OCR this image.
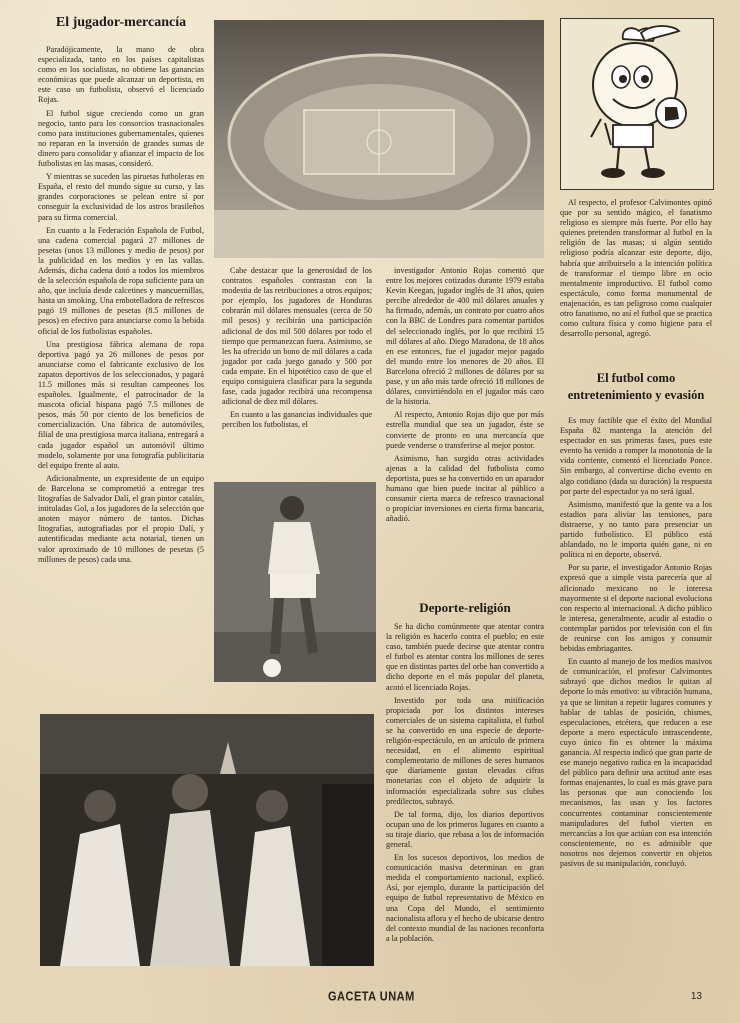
El jugador-mercancía

Paradójicamente, la mano de obra especializada, tanto en los países capitalistas como en los socialistas, no obtiene las ganancias económicas que puede alcanzar un deportista, en este caso un futbolista, observó el licenciado Rojas.

El futbol sigue creciendo como un gran negocio, tanto para los consorcios trasnacionales como para instituciones gubernamentales, quienes no reparan en la inversión de grandes sumas de dinero para consolidar y afianzar el impacto de los futbolistas en las masas, consideró.

Y mientras se suceden las piruetas futboleras en España, el resto del mundo sigue su curso, y las grandes corporaciones se pelean entre sí por conseguir la exclusividad de los astros brasileños para su firma comercial.

En cuanto a la Federación Española de Futbol, una cadena comercial pagará 27 millones de pesetas (unos 13 millones y medio de pesos) por la publicidad en los medios y en las vallas. Además, dicha cadena dotó a todos los miembros de la selección española de ropa suficiente para un año, que incluía desde calcetines y mancuernillas, hasta un smoking. Una embotelladora de refrescos pagó 19 millones de pesetas (8.5 millones de pesos) en efectivo para anunciarse como la bebida oficial de los futbolistas españoles.

Una prestigiosa fábrica alemana de ropa deportiva pagó ya 26 millones de pesos por anunciarse como el fabricante exclusivo de los zapatos deportivos de los seleccionados, y pagará 11.5 millones más si resultan campeones los españoles. Igualmente, el patrocinador de la mascota oficial hispana pagó 7.5 millones de pesos, más 50 por ciento de los beneficios de comercialización. Una fábrica de automóviles, filial de una prestigiosa marca italiana, entregará a cada jugador español un automóvil último modelo, solamente por una fotografía publicitaria del equipo frente al auto.

Adicionalmente, un expresidente de un equipo de Barcelona se comprometió a entregar tres litografías de Salvador Dalí, el gran pintor catalán, intituladas Gol, a los jugadores de la selección que anoten mayor número de tantos. Dichas litografías, autografiadas por el propio Dalí, y autentificadas mediante acta notarial, tienen un valor aproximado de 10 millones de pesetas (5 millones de pesos) cada una.

Cabe destacar que la generosidad de los contratos españoles contrastan con la modestia de las retribuciones a otros equipos; por ejemplo, los jugadores de Honduras cobrarán mil dólares mensuales (cerca de 50 mil pesos) y recibirán una participación adicional de dos mil 500 dólares por todo el tiempo que permanezcan fuera. Asimismo, se les ha ofrecido un bono de mil dólares a cada jugador por cada juego ganado y 500 por cada empate. En el hipotético caso de que el equipo consiguiera clasificar para la segunda fase, cada jugador recibirá una recompensa adicional de diez mil dólares.

En cuanto a las ganancias individuales que perciben los futbolistas, el

investigador Antonio Rojas comentó que entre los mejores cotizados durante 1979 estaba Kevin Keegan, jugador inglés de 31 años, quien percibe alrededor de 400 mil dólares anuales y ha firmado, además, un contrato por cuatro años con la BBC de Londres para comentar partidos del seleccionado inglés, por lo que recibirá 15 mil dólares al año. Diego Maradona, de 18 años en ese entonces, fue el jugador mejor pagado del mundo entre los menores de 20 años. El Barcelona ofreció 2 millones de dólares por su pase, y un año más tarde ofreció 18 millones de dólares, convirtiéndolo en el jugador más caro de la historia.

Al respecto, Antonio Rojas dijo que por más estrella mundial que sea un jugador, éste se convierte de pronto en una mercancía que puede venderse o transferirse al mejor postor.

Asimismo, han surgido otras actividades ajenas a la calidad del futbolista como deportista, pues se ha convertido en un aparador humano que bien puede incitar al público a consumir cierta marca de refresco trasnacional o propiciar inversiones en cierta firma bancaria, añadió.

Deporte-religión

Se ha dicho comúnmente que atentar contra la religión es hacerlo contra el pueblo; en este caso, también puede decirse que atentar contra el futbol es atentar contra los millones de seres que en distintas partes del orbe han convertido a dicho deporte en el más popular del planeta, acotó el licenciado Rojas.

Investido por toda una mitificación propiciada por los distintos intereses comerciales de un sistema capitalista, el futbol se ha convertido en una especie de deporte-religión-espectáculo, en un artículo de primera necesidad, en el alimento espiritual complementario de millones de seres humanos que diariamente gastan elevadas cifras monetarias con el objeto de adquirir la información especializada sobre sus clubes predilectos, subrayó.

De tal forma, dijo, los diarios deportivos ocupan uno de los primeros lugares en cuanto a su tiraje diario, que rebasa a los de información general.

En los sucesos deportivos, los medios de comunicación masiva determinan en gran medida el comportamiento nacional, explicó. Así, por ejemplo, durante la participación del equipo de futbol representativo de México en una Copa del Mundo, el sentimiento nacionalista aflora y el hecho de ubicarse dentro del contexto mundial de las naciones reconforta a la población.

Al respecto, el profesor Calvimontes opinó que por su sentido mágico, el fanatismo religioso es siempre más fuerte. Por ello hay quienes pretenden transformar al futbol en la religión de las masas; si algún sentido religioso podría alcanzar este deporte, dijo, habría que atribuirselo a la intención política de transformar el tiempo libre en ocio mentalmente improductivo. El futbol como espectáculo, como forma monumental de enajenación, es tan peligroso como cualquier otro fanatismo, no así el futbol que se practica como cultura física y como higiene para el desarrollo personal, agregó.

El futbol como entretenimiento y evasión

Es muy factible que el éxito del Mundial España 82 mantenga la atención del espectador en sus primeras fases, pues este evento ha venido a romper la monotonía de la vida corriente, comentó el licenciado Ponce. Sin embargo, al convertirse dicho evento en algo cotidiano (dada su duración) la respuesta por parte del espectador ya no será igual.

Asimismo, manifestó que la gente va a los estadios para aliviar las tensiones, para distraerse, y no tanto para presenciar un partido futbolístico. El público está ablandado, no le importa quién gane, ni en política ni en deporte, observó.

Por su parte, el investigador Antonio Rojas expresó que a simple vista parecería que al aficionado mexicano no le interesa mayormente si el deporte nacional evoluciona con respecto al internacional. A dicho público le interesa, generalmente, acudir al estadio o contemplar partidos por televisión con el fin de reunirse con los amigos y consumir bebidas embriagantes.

En cuanto al manejo de los medios masivos de comunicación, el profesor Calvimontes subrayó que dichos medios le quitan al deporte lo más emotivo: su vibración humana, ya que se limitan a repetir lugares comunes y hablar de tablas de posición, chismes, especulaciones, etcétera, que reducen a ese deporte a mero espectáculo intrascendente, cuyo único fin es obtener la máxima ganancia. Al respecto indicó que gran parte de ese manejo negativo radica en la incapacidad del público para definir una actitud ante esas formas enajenantes, lo cual es más grave para las personas que aun conociendo los mecanismos, las usan y los factores concurrentes contaminar conscientemente manipuladores del futbol vierten en mercancías a los que actúan con esa intención conscientemente, no es admisible que nosotros nos dejemos convertir en objetos pasivos de su manipulación, concluyó.

GACETA UNAM	13
